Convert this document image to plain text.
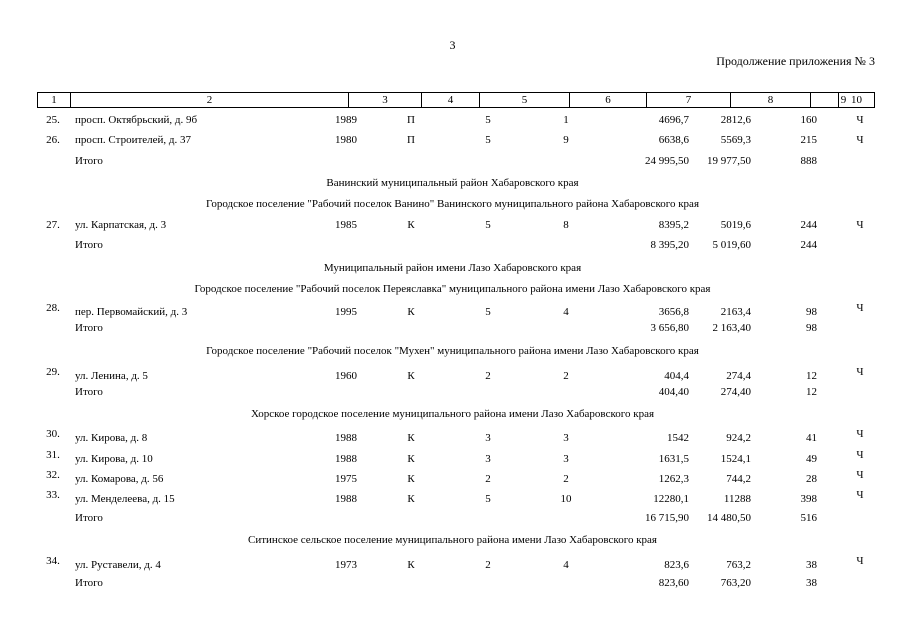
3
Продолжение приложения № 3
1	2	3	4	5	6	7	8	9 10
25.	просп. Октябрьский, д. 9б	1989	П	5	1	4696,7	2812,6	160	Ч
26.	просп. Строителей, д. 37	1980	П	5	9	6638,6	5569,3	215	Ч
Итого	24 995,50	19 977,50	888
Ванинский муниципальный район Хабаровского края
Городское поселение "Рабочий поселок Ванино" Ванинского муниципального района Хабаровского края
27.	ул. Карпатская, д. 3	1985	К	5	8	8395,2	5019,6	244	Ч
Итого	8 395,20	5 019,60	244
Муниципальный район имени Лазо Хабаровского края
Городское поселение "Рабочий поселок Переяславка" муниципального района имени Лазо Хабаровского края
28.	пер. Первомайский, д. 3	1995	К	5	4	3656,8	2163,4	98	Ч
Итого	3 656,80	2 163,40	98
Городское поселение "Рабочий поселок "Мухен" муниципального района имени Лазо Хабаровского края
29.	ул. Ленина, д. 5	1960	К	2	2	404,4	274,4	12	Ч
Итого	404,40	274,40	12
Хорское городское поселение муниципального района имени Лазо Хабаровского края
30.	ул. Кирова, д. 8	1988	К	3	3	1542	924,2	41	Ч
31.	ул. Кирова, д. 10	1988	К	3	3	1631,5	1524,1	49	Ч
32.	ул. Комарова, д. 56	1975	К	2	2	1262,3	744,2	28	Ч
33.	ул. Менделеева, д. 15	1988	К	5	10	12280,1	11288	398	Ч
Итого	16 715,90	14 480,50	516
Ситинское сельское поселение муниципального района имени Лазо Хабаровского края
34.	ул. Руставели, д. 4	1973	К	2	4	823,6	763,2	38	Ч
Итого	823,60	763,20	38
